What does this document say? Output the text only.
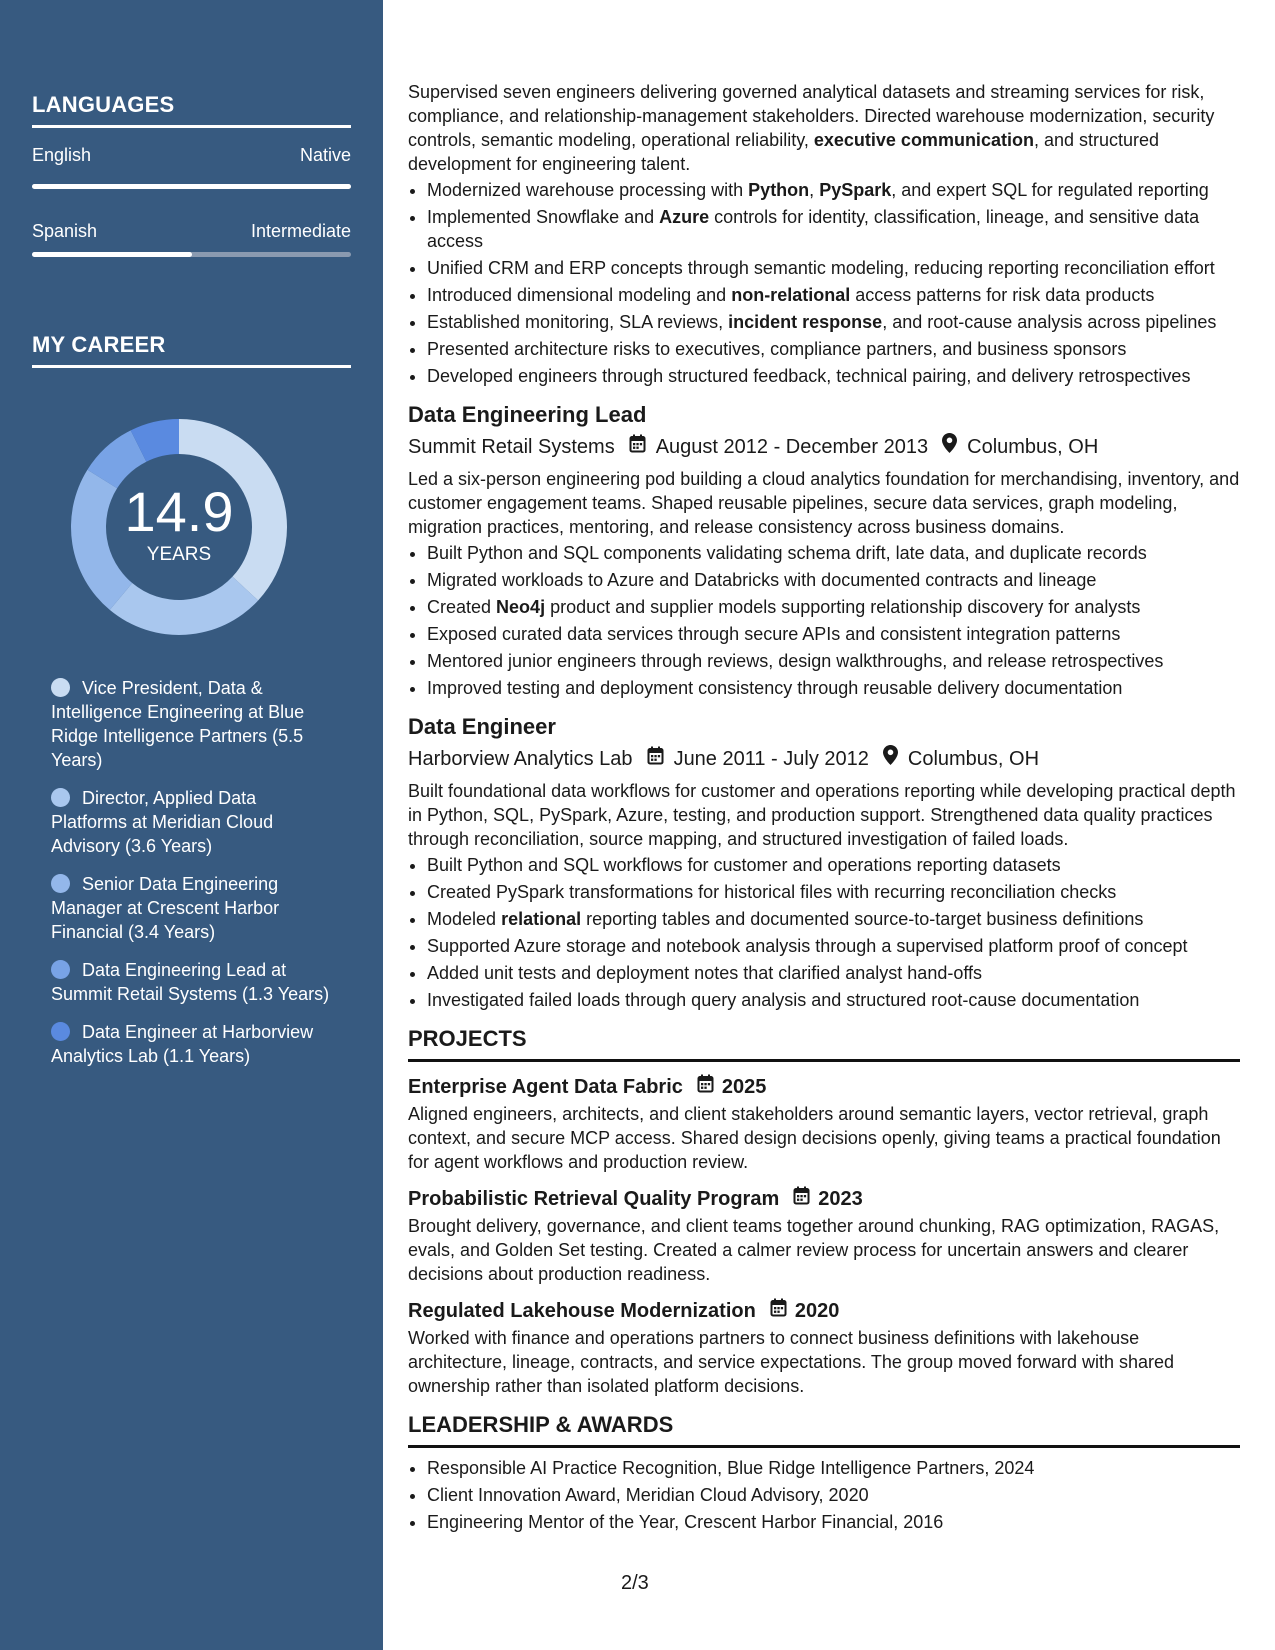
LANGUAGES
English	Native
Spanish	Intermediate
MY CAREER
14.9
YEARS
Vice President, Data & Intelligence Engineering at Blue Ridge Intelligence Partners (5.5 Years)
Director, Applied Data Platforms at Meridian Cloud Advisory (3.6 Years)
Senior Data Engineering Manager at Crescent Harbor Financial (3.4 Years)
Data Engineering Lead at Summit Retail Systems (1.3 Years)
Data Engineer at Harborview Analytics Lab (1.1 Years)

Supervised seven engineers delivering governed analytical datasets and streaming services for risk, compliance, and relationship-management stakeholders. Directed warehouse modernization, security controls, semantic modeling, operational reliability, executive communication, and structured development for engineering talent.

• Modernized warehouse processing with Python, PySpark, and expert SQL for regulated reporting
• Implemented Snowflake and Azure controls for identity, classification, lineage, and sensitive data access
• Unified CRM and ERP concepts through semantic modeling, reducing reporting reconciliation effort
• Introduced dimensional modeling and non-relational access patterns for risk data products
• Established monitoring, SLA reviews, incident response, and root-cause analysis across pipelines
• Presented architecture risks to executives, compliance partners, and business sponsors
• Developed engineers through structured feedback, technical pairing, and delivery retrospectives
Data Engineering Lead
Summit Retail Systems August 2012 - December 2013 Columbus, OH

Led a six-person engineering pod building a cloud analytics foundation for merchandising, inventory, and customer engagement teams. Shaped reusable pipelines, secure data services, graph modeling, migration practices, mentoring, and release consistency across business domains.

• Built Python and SQL components validating schema drift, late data, and duplicate records
• Migrated workloads to Azure and Databricks with documented contracts and lineage
• Created Neo4j product and supplier models supporting relationship discovery for analysts
• Exposed curated data services through secure APIs and consistent integration patterns
• Mentored junior engineers through reviews, design walkthroughs, and release retrospectives
• Improved testing and deployment consistency through reusable delivery documentation
Data Engineer
Harborview Analytics Lab June 2011 - July 2012 Columbus, OH

Built foundational data workflows for customer and operations reporting while developing practical depth in Python, SQL, PySpark, Azure, testing, and production support. Strengthened data quality practices through reconciliation, source mapping, and structured investigation of failed loads.

• Built Python and SQL workflows for customer and operations reporting datasets
• Created PySpark transformations for historical files with recurring reconciliation checks
• Modeled relational reporting tables and documented source-to-target business definitions
• Supported Azure storage and notebook analysis through a supervised platform proof of concept
• Added unit tests and deployment notes that clarified analyst hand-offs
• Investigated failed loads through query analysis and structured root-cause documentation
PROJECTS
Enterprise Agent Data Fabric 2025

Aligned engineers, architects, and client stakeholders around semantic layers, vector retrieval, graph context, and secure MCP access. Shared design decisions openly, giving teams a practical foundation for agent workflows and production review.

Probabilistic Retrieval Quality Program 2023

Brought delivery, governance, and client teams together around chunking, RAG optimization, RAGAS, evals, and Golden Set testing. Created a calmer review process for uncertain answers and clearer decisions about production readiness.

Regulated Lakehouse Modernization 2020

Worked with finance and operations partners to connect business definitions with lakehouse architecture, lineage, contracts, and service expectations. The group moved forward with shared ownership rather than isolated platform decisions.

LEADERSHIP & AWARDS
• Responsible AI Practice Recognition, Blue Ridge Intelligence Partners, 2024
• Client Innovation Award, Meridian Cloud Advisory, 2020
• Engineering Mentor of the Year, Crescent Harbor Financial, 2016
2/3
